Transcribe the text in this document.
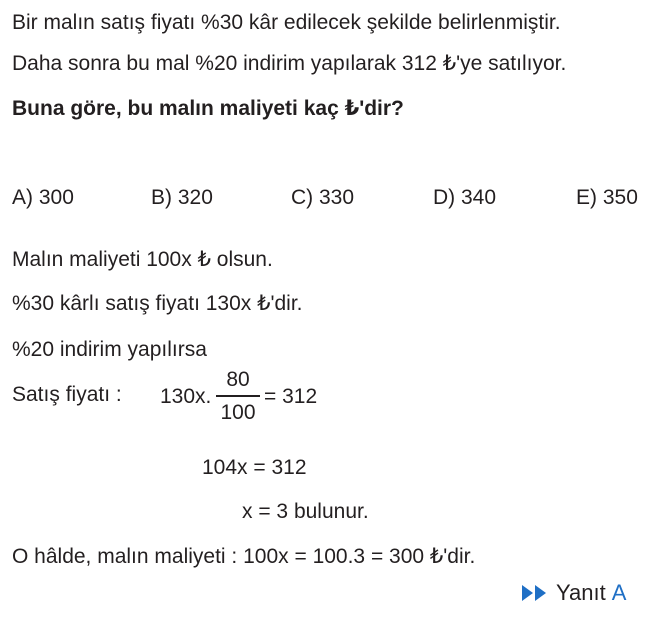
Bir malın satış fiyatı %30 kâr edilecek şekilde belirlenmiştir.
Daha sonra bu mal %20 indirim yapılarak 312 ₺'ye satılıyor.
Buna göre, bu malın maliyeti kaç ₺'dir?
A) 300	B) 320	C) 330	D) 340	E) 350
Malın maliyeti 100x ₺ olsun.
%30 kârlı satış fiyatı 130x ₺'dir.
%20 indirim yapılırsa
Satış fiyatı : 130x.
80
100
= 312
104x = 312
x = 3 bulunur.
O hâlde, malın maliyeti : 100x = 100.3 = 300 ₺'dir.
Yanıt A
